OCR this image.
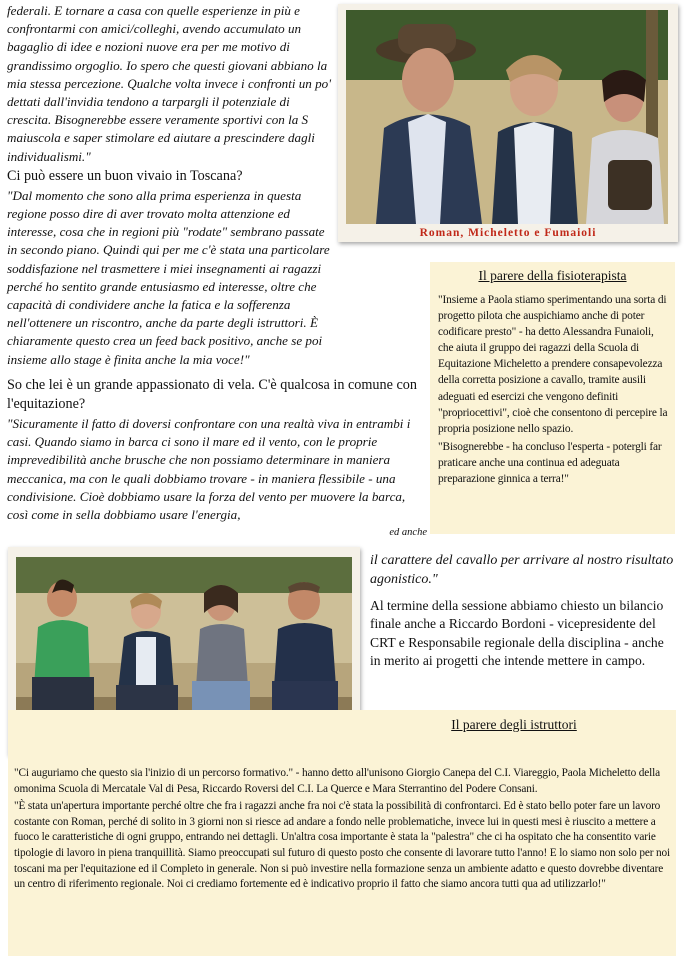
federali. E tornare a casa con quelle esperienze in più e confrontarmi con amici/colleghi, avendo accumulato un bagaglio di idee e nozioni nuove era per me motivo di grandissimo orgoglio. Io spero che questi giovani abbiano la mia stessa percezione. Qualche volta invece i confronti un po' dettati dall'invidia tendono a tarpargli il potenziale di crescita. Bisognerebbe essere veramente sportivi con la S maiuscola e saper stimolare ed aiutare a prescindere dagli individualismi."

Ci può essere un buon vivaio in Toscana?

"Dal momento che sono alla prima esperienza in questa regione posso dire di aver trovato molta attenzione ed interesse, cosa che in regioni più "rodate" sembrano passate in secondo piano. Quindi qui per me c'è stata una particolare soddisfazione nel trasmettere i miei insegnamenti ai ragazzi perché ho sentito grande entusiasmo ed interesse, oltre che capacità di condividere anche la fatica e la sofferenza nell'ottenere un riscontro, anche da parte degli istruttori. È chiaramente questo crea un feed back positivo, anche se poi insieme allo stage è finita anche la mia voce!"

Roman, Micheletto e Fumaioli

Il parere della fisioterapista

"Insieme a Paola stiamo sperimentando una sorta di progetto pilota che auspichiamo anche di poter codificare presto" - ha detto Alessandra Funaioli, che aiuta il gruppo dei ragazzi della Scuola di Equitazione Micheletto a prendere consapevolezza della corretta posizione a cavallo, tramite ausili adeguati ed esercizi che vengono definiti "propriocettivi", cioè che consentono di percepire la propria posizione nello spazio.

"Bisognerebbe - ha concluso l'esperta - potergli far praticare anche una continua ed adeguata preparazione ginnica a terra!"

So che lei è un grande appassionato di vela. C'è qualcosa in comune con l'equitazione?

"Sicuramente il fatto di doversi confrontare con una realtà viva in entrambi i casi. Quando siamo in barca ci sono il mare ed il vento, con le proprie imprevedibilità anche brusche che non possiamo determinare in maniera meccanica, ma con le quali dobbiamo trovare - in maniera flessibile - una condivisione. Cioè dobbiamo usare la forza del vento per muovere la barca, così come in sella dobbiamo usare l'energia,

ed anche

il carattere del cavallo per arrivare al nostro risultato agonistico."

Al termine della sessione abbiamo chiesto un bilancio finale anche a Riccardo Bordoni - vicepresidente del CRT e Responsabile regionale della disciplina - anche in merito ai progetti che intende mettere in campo.

Il parere degli istruttori

"Ci auguriamo che questo sia l'inizio di un percorso formativo." - hanno detto all'unisono Giorgio Canepa del C.I. Viareggio, Paola Micheletto della omonima Scuola di Mercatale Val di Pesa, Riccardo Roversi del C.I. La Querce e Mara Sterrantino del Podere Consani.

"È stata un'apertura importante perché oltre che fra i ragazzi anche fra noi c'è stata la possibilità di confrontarci. Ed è stato bello poter fare un lavoro costante con Roman, perché di solito in 3 giorni non si riesce ad andare a fondo nelle problematiche, invece lui in questi mesi è riuscito a mettere a fuoco le caratteristiche di ogni gruppo, entrando nei dettagli. Un'altra cosa importante è stata la "palestra" che ci ha ospitato che ha consentito varie tipologie di lavoro in piena tranquillità. Siamo preoccupati sul futuro di questo posto che consente di lavorare tutto l'anno! E lo siamo non solo per noi toscani ma per l'equitazione ed il Completo in generale. Non si può investire nella formazione senza un ambiente adatto e questo dovrebbe diventare un centro di riferimento regionale. Noi ci crediamo fortemente ed è indicativo proprio il fatto che siamo ancora tutti qua ad utilizzarlo!"
